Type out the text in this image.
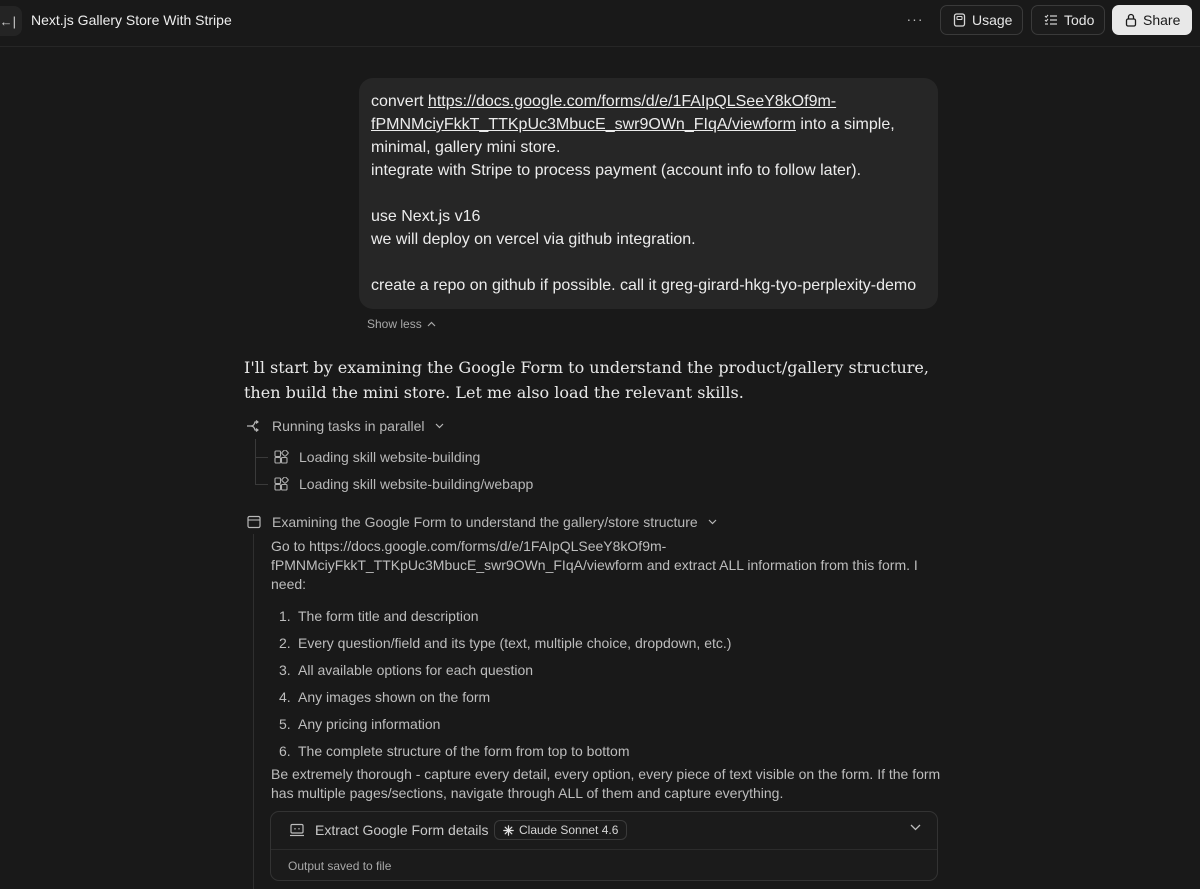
←| Next.js Gallery Store With Stripe	···	Usage	Todo	Share
convert https://docs.google.com/forms/d/e/1FAIpQLSeeY8kOf9m-
fPMNMciyFkkT_TTKpUc3MbucE_swr9OWn_FIqA/viewform into a simple,
minimal, gallery mini store.
integrate with Stripe to process payment (account info to follow later).
use Next.js v16
we will deploy on vercel via github integration.
create a repo on github if possible. call it greg-girard-hkg-tyo-perplexity-demo
Show less
I'll start by examining the Google Form to understand the product/gallery structure, then build the mini store. Let me also load the relevant skills.
Running tasks in parallel
Loading skill website-building
Loading skill website-building/webapp
Examining the Google Form to understand the gallery/store structure
Go to https://docs.google.com/forms/d/e/1FAIpQLSeeY8kOf9m-
fPMNMciyFkkT_TTKpUc3MbucE_swr9OWn_FIqA/viewform and extract ALL information from this form. I
need:
1. The form title and description
2. Every question/field and its type (text, multiple choice, dropdown, etc.)
3. All available options for each question
4. Any images shown on the form
5. Any pricing information
6. The complete structure of the form from top to bottom
Be extremely thorough - capture every detail, every option, every piece of text visible on the form. If the form
has multiple pages/sections, navigate through ALL of them and capture everything.
Extract Google Form details	Claude Sonnet 4.6
Output saved to file
